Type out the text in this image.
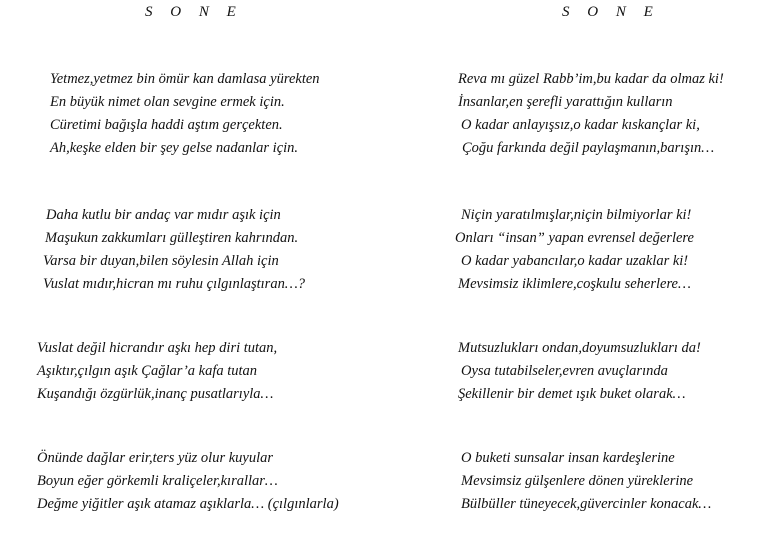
S O N E
Yetmez,yetmez bin ömür kan damlasa yürekten
En büyük nimet olan sevgine ermek için.
Cüretimi bağışla haddi aştım gerçekten.
Ah,keşke elden bir şey gelse nadanlar için.
Daha kutlu bir andaç var mıdır aşık için
Maşukun zakkumları gülleştiren kahrından.
Varsa bir duyan,bilen söylesin Allah için
Vuslat mıdır,hicran mı ruhu çılgınlaştıran…?
Vuslat değil hicrandır aşkı hep diri tutan,
Aşıktır,çılgın aşık Çağlar’a kafa tutan
Kuşandığı özgürlük,inanç pusatlarıyla…
Önünde dağlar erir,ters yüz olur kuyular
Boyun eğer görkemli kraliçeler,kırallar…
Değme yiğitler aşık atamaz aşıklarla… (çılgınlarla)
S O N E
Reva mı güzel Rabb’im,bu kadar da olmaz ki!
İnsanlar,en şerefli yarattığın kulların
O kadar anlayışsız,o kadar kıskançlar ki,
Çoğu farkında değil paylaşmanın,barışın…
Niçin yaratılmışlar,niçin bilmiyorlar ki!
Onları “insan” yapan evrensel değerlere
O kadar yabancılar,o kadar uzaklar ki!
Mevsimsiz iklimlere,coşkulu seherlere…
Mutsuzlukları ondan,doyumsuzlukları da!
Oysa tutabilseler,evren avuçlarında
Şekillenir bir demet ışık buket olarak…
O buketi sunsalar insan kardeşlerine
Mevsimsiz gülşenlere dönen yüreklerine
Bülbüller tüneyecek,güvercinler konacak…
